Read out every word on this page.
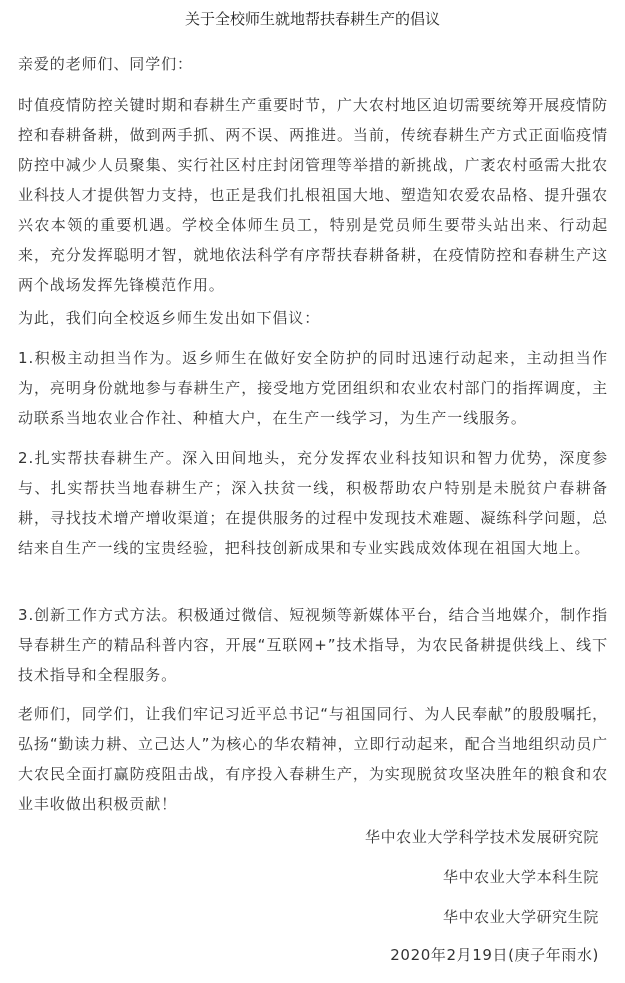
关于全校师生就地帮扶春耕生产的倡议

亲爱的老师们、同学们：

时值疫情防控关键时期和春耕生产重要时节，广大农村地区迫切需要统筹开展疫情防控和春耕备耕，做到两手抓、两不误、两推进。当前，传统春耕生产方式正面临疫情防控中减少人员聚集、实行社区村庄封闭管理等举措的新挑战，广袤农村亟需大批农业科技人才提供智力支持，也正是我们扎根祖国大地、塑造知农爱农品格、提升强农兴农本领的重要机遇。学校全体师生员工，特别是党员师生要带头站出来、行动起来，充分发挥聪明才智，就地依法科学有序帮扶春耕备耕，在疫情防控和春耕生产这两个战场发挥先锋模范作用。

为此，我们向全校返乡师生发出如下倡议：

1.积极主动担当作为。返乡师生在做好安全防护的同时迅速行动起来，主动担当作为，亮明身份就地参与春耕生产，接受地方党团组织和农业农村部门的指挥调度，主动联系当地农业合作社、种植大户，在生产一线学习，为生产一线服务。

2.扎实帮扶春耕生产。深入田间地头，充分发挥农业科技知识和智力优势，深度参与、扎实帮扶当地春耕生产；深入扶贫一线，积极帮助农户特别是未脱贫户春耕备耕，寻找技术增产增收渠道；在提供服务的过程中发现技术难题、凝练科学问题，总结来自生产一线的宝贵经验，把科技创新成果和专业实践成效体现在祖国大地上。

3.创新工作方式方法。积极通过微信、短视频等新媒体平台，结合当地媒介，制作指导春耕生产的精品科普内容，开展“互联网+”技术指导，为农民备耕提供线上、线下技术指导和全程服务。

老师们，同学们，让我们牢记习近平总书记“与祖国同行、为人民奉献”的殷殷嘱托，弘扬“勤读力耕、立己达人”为核心的华农精神，立即行动起来，配合当地组织动员广大农民全面打赢防疫阻击战，有序投入春耕生产，为实现脱贫攻坚决胜年的粮食和农业丰收做出积极贡献！

华中农业大学科学技术发展研究院

华中农业大学本科生院

华中农业大学研究生院

2020年2月19日(庚子年雨水)
